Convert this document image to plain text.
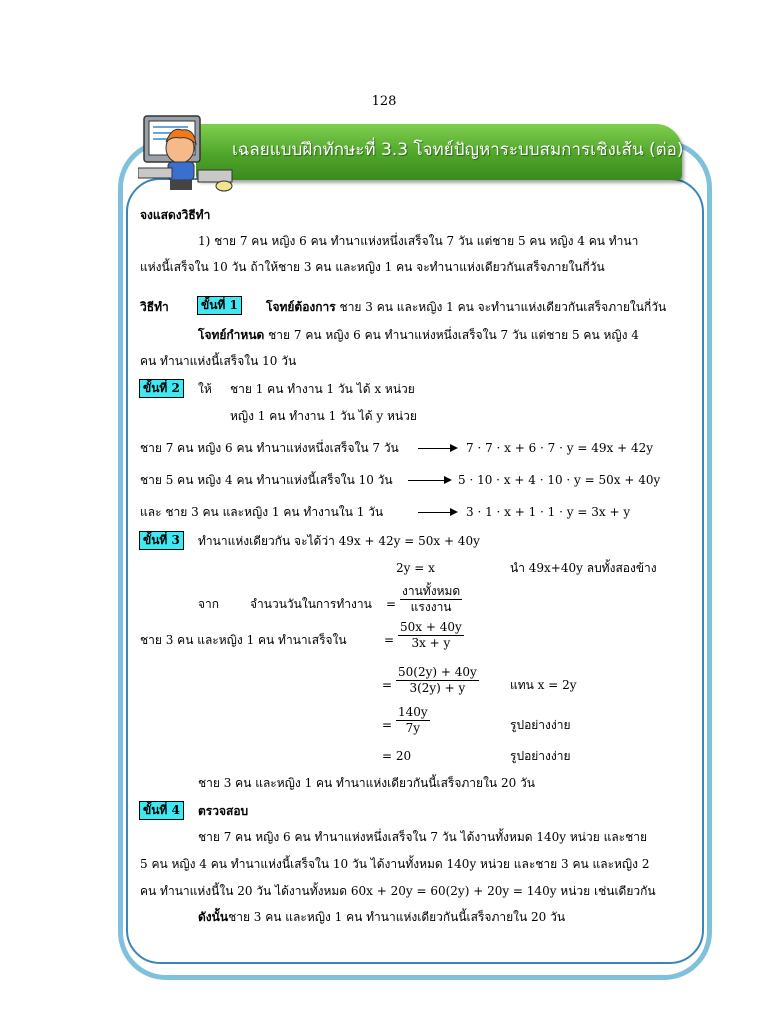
128
เฉลยแบบฝึกทักษะที่ 3.3 โจทย์ปัญหาระบบสมการเชิงเส้น (ต่อ)
จงแสดงวิธีทำ
1) ชาย 7 คน หญิง 6 คน ทำนาแห่งหนึ่งเสร็จใน 7 วัน แต่ชาย 5 คน หญิง 4 คน ทำนา
แห่งนี้เสร็จใน 10 วัน ถ้าให้ชาย 3 คน และหญิง 1 คน จะทำนาแห่งเดียวกันเสร็จภายในกี่วัน
วิธีทำ	ขั้นที่ 1	โจทย์ต้องการ ชาย 3 คน และหญิง 1 คน จะทำนาแห่งเดียวกันเสร็จภายในกี่วัน
โจทย์กำหนด ชาย 7 คน หญิง 6 คน ทำนาแห่งหนึ่งเสร็จใน 7 วัน แต่ชาย 5 คน หญิง 4
คน ทำนาแห่งนี้เสร็จใน 10 วัน
ขั้นที่ 2	ให้ ชาย 1 คน ทำงาน 1 วัน ได้ x หน่วย
หญิง 1 คน ทำงาน 1 วัน ได้ y หน่วย
ชาย 7 คน หญิง 6 คน ทำนาแห่งหนึ่งเสร็จใน 7 วัน	7 · 7 · x + 6 · 7 · y = 49x + 42y
ชาย 5 คน หญิง 4 คน ทำนาแห่งนี้เสร็จใน 10 วัน	5 · 10 · x + 4 · 10 · y = 50x + 40y
และ ชาย 3 คน และหญิง 1 คน ทำงานใน 1 วัน	3 · 1 · x + 1 · 1 · y = 3x + y
ขั้นที่ 3	ทำนาแห่งเดียวกัน จะได้ว่า 49x + 42y = 50x + 40y
2y = x	นำ 49x+40y ลบทั้งสองข้าง
จาก	จำนวนวันในการทำงาน =
งานทั้งหมด
แรงงาน
ชาย 3 คน และหญิง 1 คน ทำนาเสร็จใน	= $\frac{50x + 40y}{3x + y}$
= $\frac{50(2y) + 40y}{3(2y) + y}$	แทน x = 2y
= $\frac{140y}{7y}$	รูปอย่างง่าย
= 20	รูปอย่างง่าย
ชาย 3 คน และหญิง 1 คน ทำนาแห่งเดียวกันนี้เสร็จภายใน 20 วัน
ขั้นที่ 4	ตรวจสอบ
ชาย 7 คน หญิง 6 คน ทำนาแห่งหนึ่งเสร็จใน 7 วัน ได้งานทั้งหมด 140y หน่วย และชาย
5 คน หญิง 4 คน ทำนาแห่งนี้เสร็จใน 10 วัน ได้งานทั้งหมด 140y หน่วย และชาย 3 คน และหญิง 2
คน ทำนาแห่งนี้ใน 20 วัน ได้งานทั้งหมด 60x + 20y = 60(2y) + 20y = 140y หน่วย เช่นเดียวกัน
ดังนั้นชาย 3 คน และหญิง 1 คน ทำนาแห่งเดียวกันนี้เสร็จภายใน 20 วัน
